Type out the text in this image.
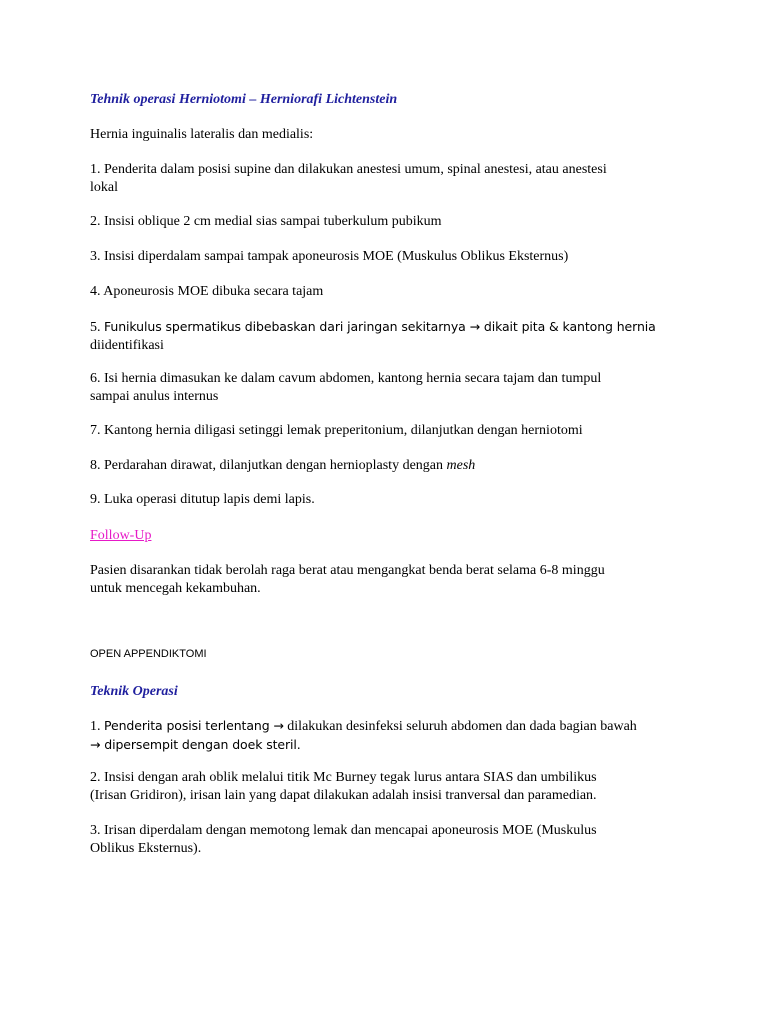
Tehnik operasi Herniotomi – Herniorafi Lichtenstein

Hernia inguinalis lateralis dan medialis:

1. Penderita dalam posisi supine dan dilakukan anestesi umum, spinal anestesi, atau anestesi
lokal

2. Insisi oblique 2 cm medial sias sampai tuberkulum pubikum

3. Insisi diperdalam sampai tampak aponeurosis MOE (Muskulus Oblikus Eksternus)

4. Aponeurosis MOE dibuka secara tajam

5. Funikulus spermatikus dibebaskan dari jaringan sekitarnya → dikait pita & kantong hernia
diidentifikasi

6. Isi hernia dimasukan ke dalam cavum abdomen, kantong hernia secara tajam dan tumpul
sampai anulus internus

7. Kantong hernia diligasi setinggi lemak preperitonium, dilanjutkan dengan herniotomi

8. Perdarahan dirawat, dilanjutkan dengan hernioplasty dengan mesh

9. Luka operasi ditutup lapis demi lapis.

Follow-Up

Pasien disarankan tidak berolah raga berat atau mengangkat benda berat selama 6-8 minggu
untuk mencegah kekambuhan.

OPEN APPENDIKTOMI

Teknik Operasi

1. Penderita posisi terlentang → dilakukan desinfeksi seluruh abdomen dan dada bagian bawah
→ dipersempit dengan doek steril.

2. Insisi dengan arah oblik melalui titik Mc Burney tegak lurus antara SIAS dan umbilikus
(Irisan Gridiron), irisan lain yang dapat dilakukan adalah insisi tranversal dan paramedian.

3. Irisan diperdalam dengan memotong lemak dan mencapai aponeurosis MOE (Muskulus
Oblikus Eksternus).
